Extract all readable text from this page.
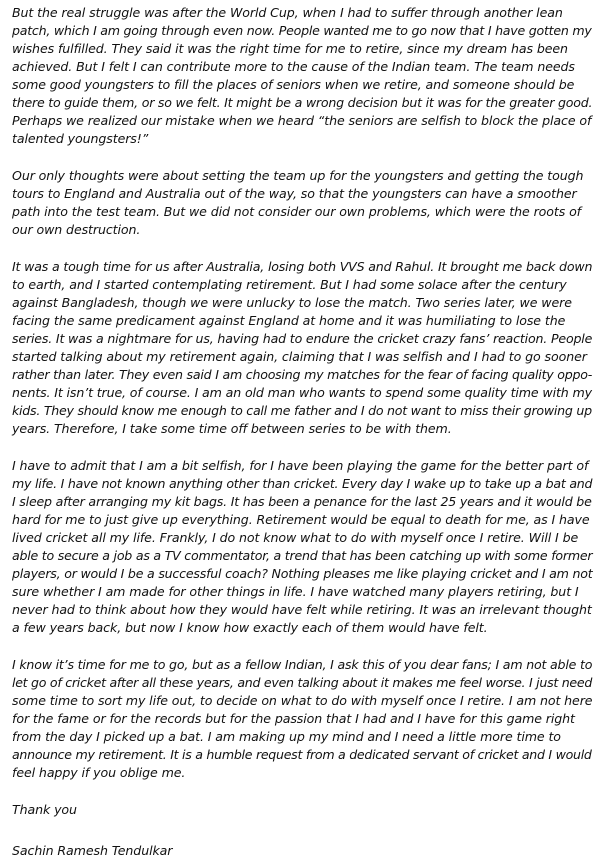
But the real struggle was after the World Cup, when I had to suffer through another lean
patch, which I am going through even now. People wanted me to go now that I have gotten my
wishes fulfilled. They said it was the right time for me to retire, since my dream has been
achieved. But I felt I can contribute more to the cause of the Indian team. The team needs
some good youngsters to fill the places of seniors when we retire, and someone should be
there to guide them, or so we felt. It might be a wrong decision but it was for the greater good.
Perhaps we realized our mistake when we heard “the seniors are selfish to block the place of
talented youngsters!”

Our only thoughts were about setting the team up for the youngsters and getting the tough
tours to England and Australia out of the way, so that the youngsters can have a smoother
path into the test team. But we did not consider our own problems, which were the roots of
our own destruction.

It was a tough time for us after Australia, losing both VVS and Rahul. It brought me back down
to earth, and I started contemplating retirement. But I had some solace after the century
against Bangladesh, though we were unlucky to lose the match. Two series later, we were
facing the same predicament against England at home and it was humiliating to lose the
series. It was a nightmare for us, having had to endure the cricket crazy fans’ reaction. People
started talking about my retirement again, claiming that I was selfish and I had to go sooner
rather than later. They even said I am choosing my matches for the fear of facing quality oppo-
nents. It isn’t true, of course. I am an old man who wants to spend some quality time with my
kids. They should know me enough to call me father and I do not want to miss their growing up
years. Therefore, I take some time off between series to be with them.

I have to admit that I am a bit selfish, for I have been playing the game for the better part of
my life. I have not known anything other than cricket. Every day I wake up to take up a bat and
I sleep after arranging my kit bags. It has been a penance for the last 25 years and it would be
hard for me to just give up everything. Retirement would be equal to death for me, as I have
lived cricket all my life. Frankly, I do not know what to do with myself once I retire. Will I be
able to secure a job as a TV commentator, a trend that has been catching up with some former
players, or would I be a successful coach? Nothing pleases me like playing cricket and I am not
sure whether I am made for other things in life. I have watched many players retiring, but I
never had to think about how they would have felt while retiring. It was an irrelevant thought
a few years back, but now I know how exactly each of them would have felt.

I know it’s time for me to go, but as a fellow Indian, I ask this of you dear fans; I am not able to
let go of cricket after all these years, and even talking about it makes me feel worse. I just need
some time to sort my life out, to decide on what to do with myself once I retire. I am not here
for the fame or for the records but for the passion that I had and I have for this game right
from the day I picked up a bat. I am making up my mind and I need a little more time to
announce my retirement. It is a humble request from a dedicated servant of cricket and I would
feel happy if you oblige me.

Thank you

Sachin Ramesh Tendulkar
